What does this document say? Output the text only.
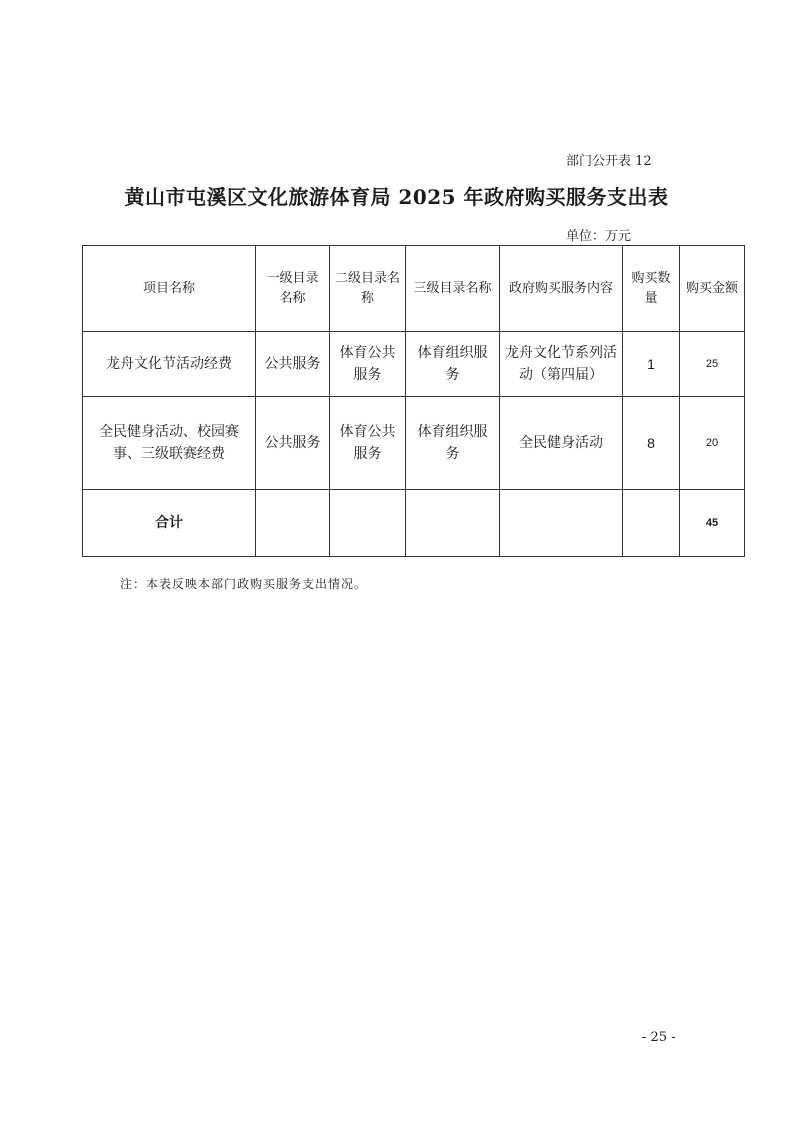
部门公开表 12
黄山市屯溪区文化旅游体育局 2025 年政府购买服务支出表
单位：万元
项目名称	一级目录名称	二级目录名称	三级目录名称	政府购买服务内容	购买数量	购买金额
龙舟文化节活动经费	公共服务	体育公共服务	体育组织服务	龙舟文化节系列活动（第四届）	1	25
全民健身活动、校园赛事、三级联赛经费	公共服务	体育公共服务	体育组织服务	全民健身活动	8	20
合计						45
注：本表反映本部门政购买服务支出情况。
- 25 -
